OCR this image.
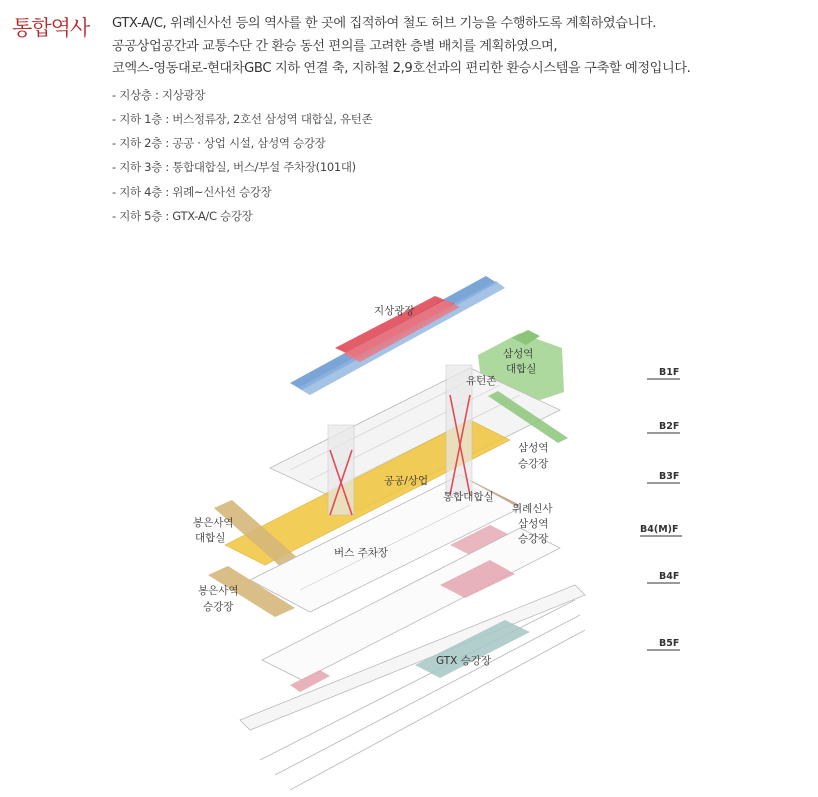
통합역사 GTX-A/C, 위례신사선 등의 역사를 한 곳에 집적하여 철도 허브 기능을 수행하도록 계획하였습니다.

공공상업공간과 교통수단 간 환승 동선 편의를 고려한 층별 배치를 계획하였으며,

코엑스-영동대로-현대차GBC 지하 연결 축, 지하철 2,9호선과의 편리한 환승시스템을 구축할 예정입니다.

- 지상층 : 지상광장
- 지하 1층 : 버스정류장, 2호선 삼성역 대합실, 유턴존
- 지하 2층 : 공공 · 상업 시설, 삼성역 승강장
- 지하 3층 : 통합대합실, 버스/부설 주차장(101대)
- 지하 4층 : 위례~신사선 승강장
- 지하 5층 : GTX-A/C 승강장
지상광장
삼성역
대합실
유턴존
삼성역
승강장
공공/상업
통합대합실
위례신사
삼성역
승강장
봉은사역
대합실
버스 주차장
봉은사역
승강장
GTX 승강장
B1F
B2F
B3F
B4(M)F
B4F
B5F
